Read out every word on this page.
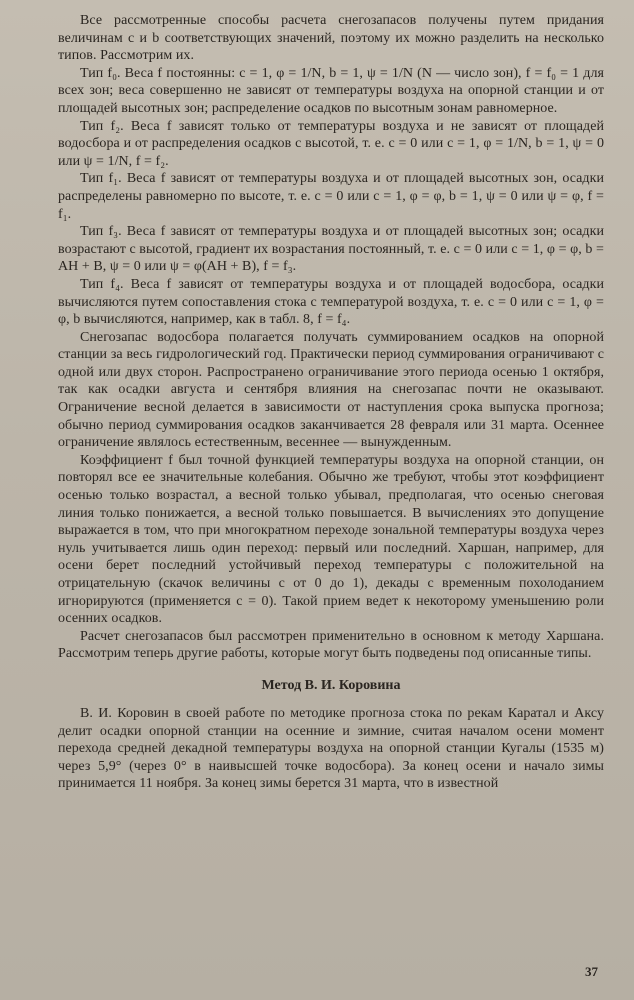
Все рассмотренные способы расчета снегозапасов получены путем придания величинам c и b соответствующих значений, поэтому их можно разделить на несколько типов. Рассмотрим их.

Тип f₀. Веса f постоянны: c = 1, φ = 1/N, b = 1, ψ = 1/N (N — число зон), f = f₀ = 1 для всех зон; веса совершенно не зависят от температуры воздуха на опорной станции и от площадей высотных зон; распределение осадков по высотным зонам равномерное.

Тип f₂. Веса f зависят только от температуры воздуха и не зависят от площадей водосбора и от распределения осадков с высотой, т. е. c = 0 или c = 1, φ = 1/N, b = 1, ψ = 0 или ψ = 1/N, f = f₂.

Тип f₁. Веса f зависят от температуры воздуха и от площадей высотных зон, осадки распределены равномерно по высоте, т. е. c = 0 или c = 1, φ = φ, b = 1, ψ = 0 или ψ = φ, f = f₁.

Тип f₃. Веса f зависят от температуры воздуха и от площадей высотных зон; осадки возрастают с высотой, градиент их возрастания постоянный, т. е. c = 0 или c = 1, φ = φ, b = AH + B, ψ = 0 или ψ = φ(AH + B), f = f₃.

Тип f₄. Веса f зависят от температуры воздуха и от площадей водосбора, осадки вычисляются путем сопоставления стока с температурой воздуха, т. е. c = 0 или c = 1, φ = φ, b вычисляются, например, как в табл. 8, f = f₄.

Снегозапас водосбора полагается получать суммированием осадков на опорной станции за весь гидрологический год. Практически период суммирования ограничивают с одной или двух сторон. Распространено ограничивание этого периода осенью 1 октября, так как осадки августа и сентября влияния на снегозапас почти не оказывают. Ограничение весной делается в зависимости от наступления срока выпуска прогноза; обычно период суммирования осадков заканчивается 28 февраля или 31 марта. Осеннее ограничение являлось естественным, весеннее — вынужденным.

Коэффициент f был точной функцией температуры воздуха на опорной станции, он повторял все ее значительные колебания. Обычно же требуют, чтобы этот коэффициент осенью только возрастал, а весной только убывал, предполагая, что осенью снеговая линия только понижается, а весной только повышается. В вычислениях это допущение выражается в том, что при многократном переходе зональной температуры воздуха через нуль учитывается лишь один переход: первый или последний. Харшан, например, для осени берет последний устойчивый переход температуры с положительной на отрицательную (скачок величины c от 0 до 1), декады с временным похолоданием игнорируются (применяется c = 0). Такой прием ведет к некоторому уменьшению роли осенних осадков.

Расчет снегозапасов был рассмотрен применительно в основном к методу Харшана. Рассмотрим теперь другие работы, которые могут быть подведены под описанные типы.

Метод В. И. Коровина

В. И. Коровин в своей работе по методике прогноза стока по рекам Каратал и Аксу делит осадки опорной станции на осенние и зимние, считая началом осени момент перехода средней декадной температуры воздуха на опорной станции Кугалы (1535 м) через 5,9° (через 0° в наивысшей точке водосбора). За конец осени и начало зимы принимается 11 ноября. За конец зимы берется 31 марта, что в известной

37
